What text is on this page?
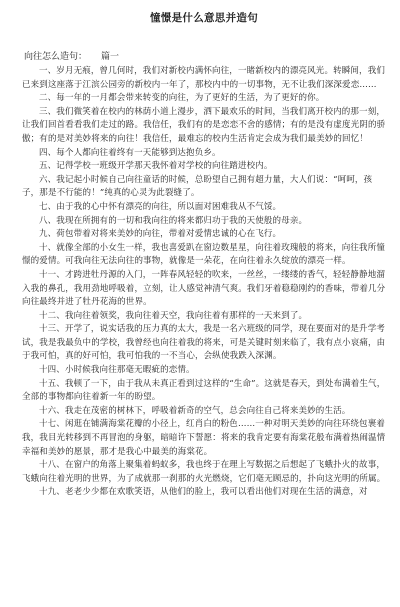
憧憬是什么意思并造句
向往怎么造句： 篇一

一、岁月无痕，曾几何时，我们对新校内满怀向往，一睹新校内的漂亮风光。转瞬间，我们已来到这座落于江滨公园旁的新校内一年了，那校内中的一切事物，无不让我们深深爱恋……

二、每一年的一月都会带来转变的向往，为了更好的生活，为了更好的你。

三、我们微笑着在校内的林荫小道上漫步，洒下最欢乐的时间，当我们离开校内的那一刻，让我们回首看看我们走过的路。我信任，我们有的是恋恋不舍的感情；有的是没有虚度光阴的骄傲；有的是对美妙将来的向往！我信任，最难忘的校内生活肯定会成为我们最美妙的回忆！

四、每个人都向往着终有一天能够到达抱负乡。

五、记得学校一班级开学那天我怀着对学校的向往踏进校内。

六、我记起小时候自己向往童话的时候，总盼望自己拥有超力量，大人们说：“呵呵，孩子，那是不行能的！”纯真的心灵为此裂缝了。

七、由于我的心中怀有漂亮的向往，所以面对困难我从不气馁。

八、我现在所拥有的一切和我向往的将来都归功于我的天使般的母亲。

九、荷包带着对将来美妙的向往，带着对爱情忠诚的心在飞行。

十、就像全部的小女生一样，我也喜爱趴在窗边数星星，向往着玫瑰般的将来，向往我所憧憬的爱情。可我向往无法向往的事物，就像是一朵花，在向往着永久绽放的漂亮一样。

十一、才跨进牡丹源的入门，一阵春风轻轻的吹来，一丝丝，一缕缕的香气，轻轻静静地溜入我的鼻孔，我用劲地呼吸着，立刻，让人感觉神清气爽。我们牙着稳稳刚约的香味，带着几分向往最终并进了牡丹花海的世界。

十二、我向往着领奖，我向往着天空，我向往着有那样的一天来到了。

十三、开学了，说实话我的压力真的太大，我是一名六班级的同学，现在要面对的是升学考试，我是我最负中的学校，我曾经也向往着我的将来，可是关键时刻来临了，我有点小哀痛，由于我可怕，真的好可怕，我可怕我的一不当心，会纵使我跌入深渊。

十四、小时候我向往那毫无暇疵的恋情。

十五、我顿了一下，由于我从未真正看到过这样的“生命”。这就是春天，到处布满着生气，全部的事物都向往着新一年的盼望。

十六、我走在茂密的树林下，呼吸着新奇的空气，总会向往自己将来美妙的生活。

十七、闲逛在铺满海棠花瓣的小径上，红肖白的粉色……一种对明天美妙的向往环绕包裹着我，我目光转移到不再冒泡的身躯，暗暗许下誓愿：将来的我肯定要有海棠花般布满着热闹温情幸福和美妙的愿景，那才是我心中最美的海棠花。

十八、在窗户的角落上聚集着蚂蚁多，我也终于在理上写数据之后想起了飞蛾扑火的故事，飞蛾向往着光明的世界，为了成就那一刹那的火光燃烧，它们毫无顾忌的，扑向这光明的所属。

十九、老老少少都在欢歌笑语，从他们的脸上，我可以看出他们对现在生活的满意，对
